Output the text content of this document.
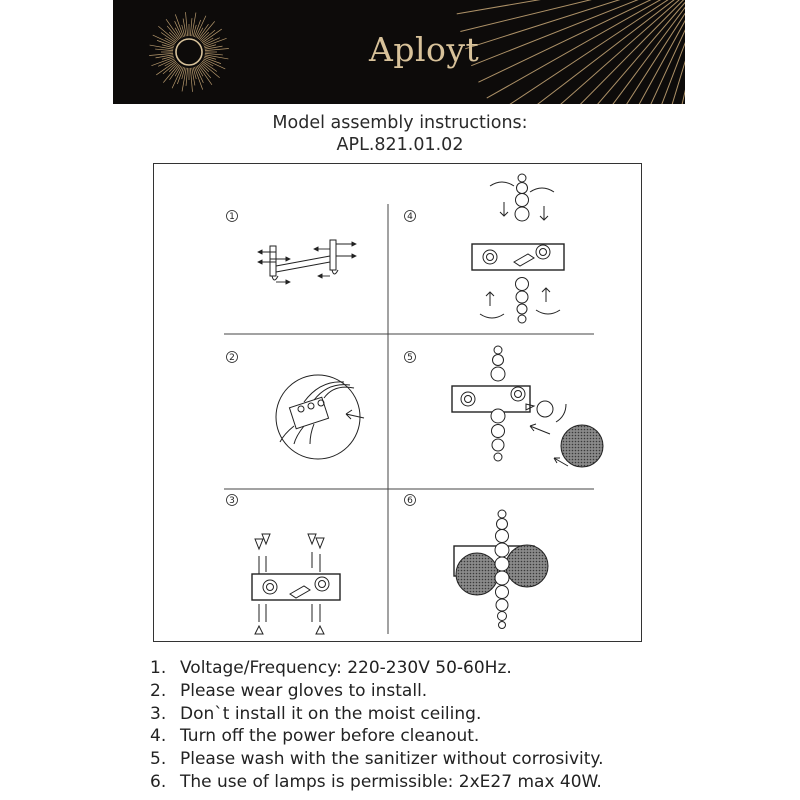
Aployt
Model assembly instructions:
APL.821.01.02
1
2
3
4
5
6
1. Voltage/Frequency: 220-230V 50-60Hz.
2. Please wear gloves to install.
3. Don`t install it on the moist ceiling.
4. Turn off the power before cleanout.
5. Please wash with the sanitizer without corrosivity.
6. The use of lamps is permissible: 2xE27 max 40W.
